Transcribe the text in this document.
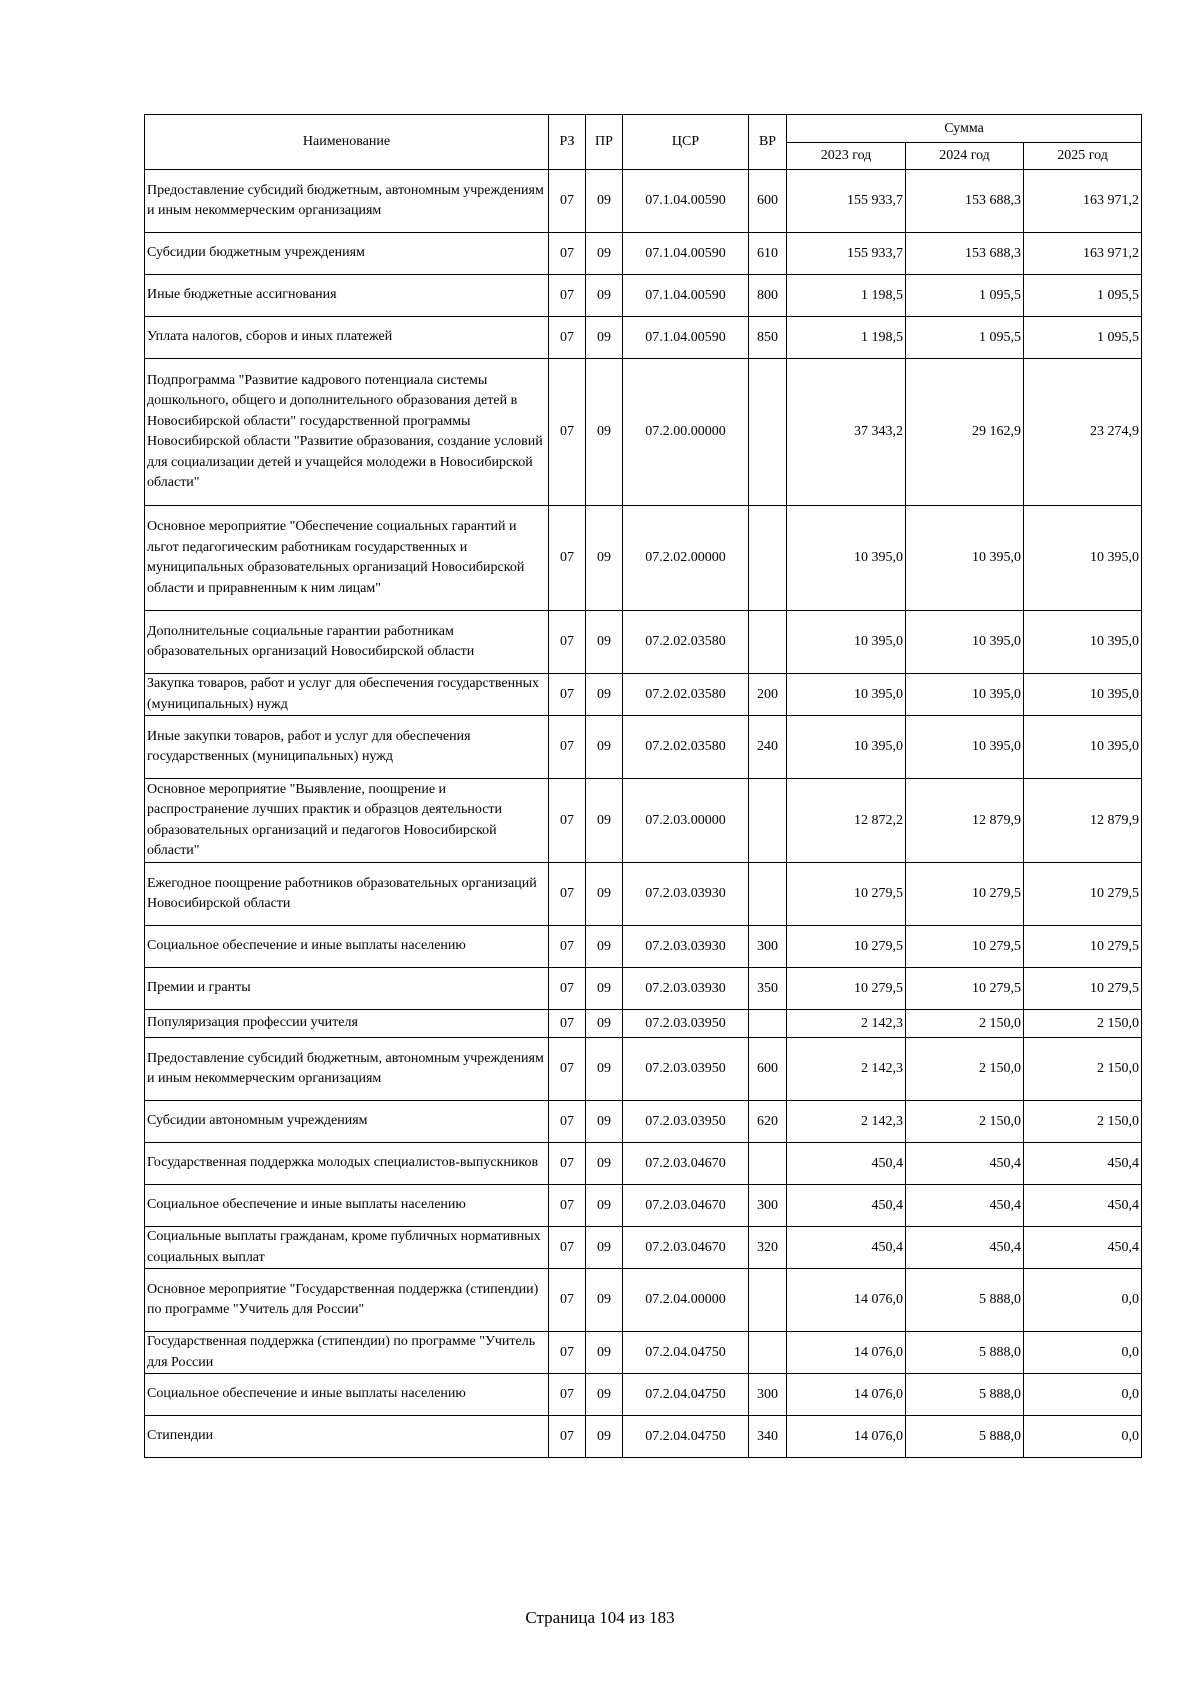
Наименование	РЗ	ПР	ЦСР	ВР	Сумма		
					2023 год	2024 год	2025 год
Предоставление субсидий бюджетным, автономным учреждениям и иным некоммерческим организациям	07	09	07.1.04.00590	600	155 933,7	153 688,3	163 971,2
Субсидии бюджетным учреждениям	07	09	07.1.04.00590	610	155 933,7	153 688,3	163 971,2
Иные бюджетные ассигнования	07	09	07.1.04.00590	800	1 198,5	1 095,5	1 095,5
Уплата налогов, сборов и иных платежей	07	09	07.1.04.00590	850	1 198,5	1 095,5	1 095,5
Подпрограмма "Развитие кадрового потенциала системы дошкольного, общего и дополнительного образования детей в Новосибирской области" государственной программы Новосибирской области "Развитие образования, создание условий для социализации детей и учащейся молодежи в Новосибирской области"	07	09	07.2.00.00000		37 343,2	29 162,9	23 274,9
Основное мероприятие "Обеспечение социальных гарантий и льгот педагогическим работникам государственных и муниципальных образовательных организаций Новосибирской области и приравненным к ним лицам"	07	09	07.2.02.00000		10 395,0	10 395,0	10 395,0
Дополнительные социальные гарантии работникам образовательных организаций Новосибирской области	07	09	07.2.02.03580		10 395,0	10 395,0	10 395,0
Закупка товаров, работ и услуг для обеспечения государственных (муниципальных) нужд	07	09	07.2.02.03580	200	10 395,0	10 395,0	10 395,0
Иные закупки товаров, работ и услуг для обеспечения государственных (муниципальных) нужд	07	09	07.2.02.03580	240	10 395,0	10 395,0	10 395,0
Основное мероприятие "Выявление, поощрение и распространение лучших практик и образцов деятельности образовательных организаций и педагогов Новосибирской области"	07	09	07.2.03.00000		12 872,2	12 879,9	12 879,9
Ежегодное поощрение работников образовательных организаций Новосибирской области	07	09	07.2.03.03930		10 279,5	10 279,5	10 279,5
Социальное обеспечение и иные выплаты населению	07	09	07.2.03.03930	300	10 279,5	10 279,5	10 279,5
Премии и гранты	07	09	07.2.03.03930	350	10 279,5	10 279,5	10 279,5
Популяризация профессии учителя	07	09	07.2.03.03950		2 142,3	2 150,0	2 150,0
Предоставление субсидий бюджетным, автономным учреждениям и иным некоммерческим организациям	07	09	07.2.03.03950	600	2 142,3	2 150,0	2 150,0
Субсидии автономным учреждениям	07	09	07.2.03.03950	620	2 142,3	2 150,0	2 150,0
Государственная поддержка молодых специалистов-выпускников	07	09	07.2.03.04670		450,4	450,4	450,4
Социальное обеспечение и иные выплаты населению	07	09	07.2.03.04670	300	450,4	450,4	450,4
Социальные выплаты гражданам, кроме публичных нормативных социальных выплат	07	09	07.2.03.04670	320	450,4	450,4	450,4
Основное мероприятие "Государственная поддержка (стипендии) по программе "Учитель для России"	07	09	07.2.04.00000		14 076,0	5 888,0	0,0
Государственная поддержка (стипендии) по программе "Учитель для России	07	09	07.2.04.04750		14 076,0	5 888,0	0,0
Социальное обеспечение и иные выплаты населению	07	09	07.2.04.04750	300	14 076,0	5 888,0	0,0
Стипендии	07	09	07.2.04.04750	340	14 076,0	5 888,0	0,0
Страница 104 из 183
